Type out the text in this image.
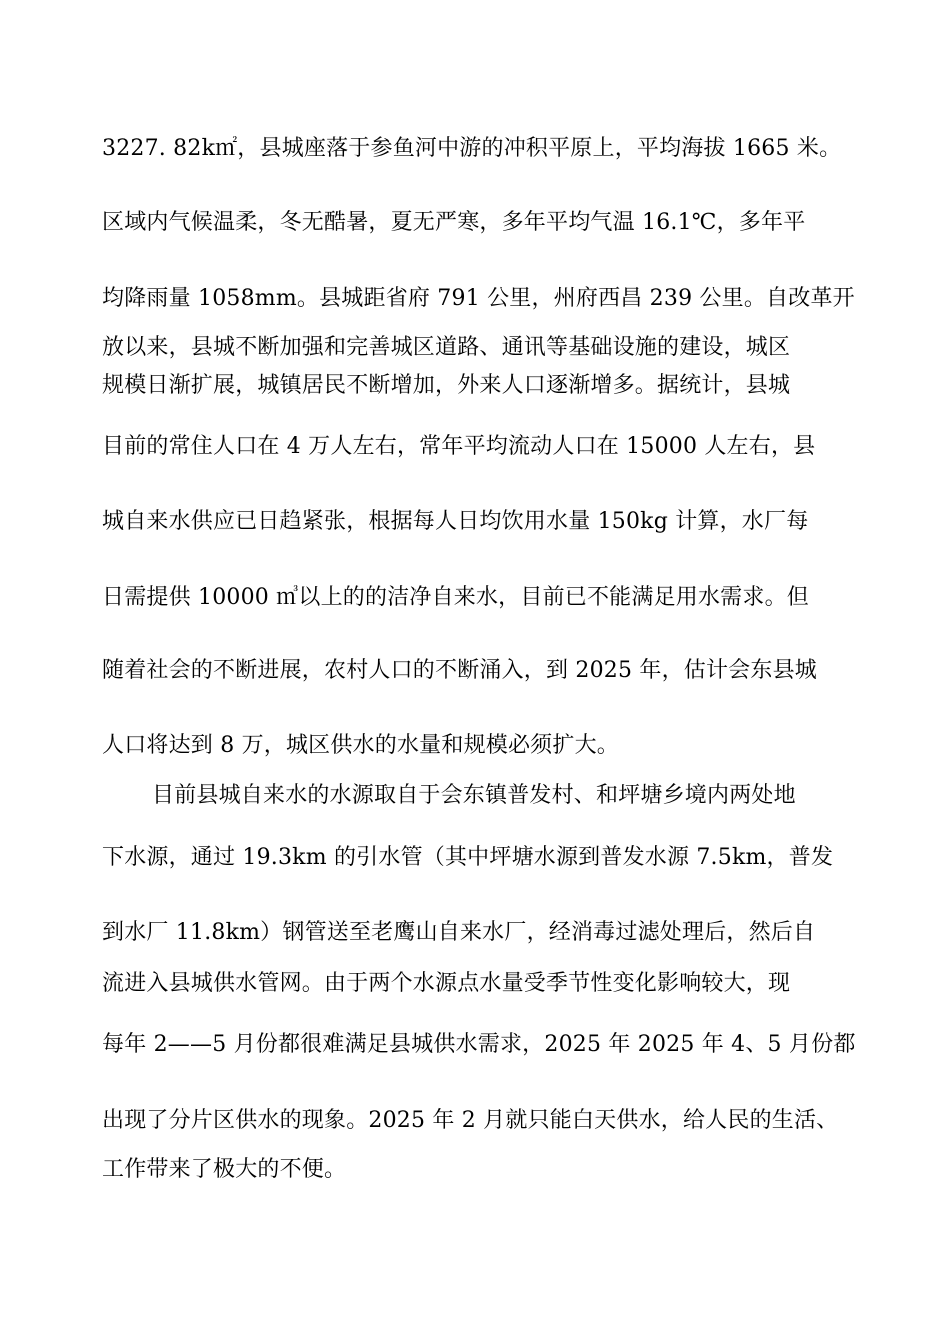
3227. 82k㎡，县城座落于参鱼河中游的冲积平原上，平均海拔 1665 米。
区域内气候温柔，冬无酷暑，夏无严寒，多年平均气温 16.1℃，多年平
均降雨量 1058mm。县城距省府 791 公里，州府西昌 239 公里。自改革开
放以来，县城不断加强和完善城区道路、通讯等基础设施的建设，城区
规模日渐扩展，城镇居民不断增加，外来人口逐渐增多。据统计，县城
目前的常住人口在 4 万人左右，常年平均流动人口在 15000 人左右，县
城自来水供应已日趋紧张，根据每人日均饮用水量 150kg 计算，水厂每
日需提供 10000 ㎥以上的的洁净自来水，目前已不能满足用水需求。但
随着社会的不断进展，农村人口的不断涌入，到 2025 年，估计会东县城
人口将达到 8 万，城区供水的水量和规模必须扩大。
目前县城自来水的水源取自于会东镇普发村、和坪塘乡境内两处地
下水源，通过 19.3km 的引水管（其中坪塘水源到普发水源 7.5km，普发
到水厂 11.8km）钢管送至老鹰山自来水厂，经消毒过滤处理后，然后自
流进入县城供水管网。由于两个水源点水量受季节性变化影响较大，现
每年 2——5 月份都很难满足县城供水需求，2025 年 2025 年 4、5 月份都
出现了分片区供水的现象。2025 年 2 月就只能白天供水，给人民的生活、
工作带来了极大的不便。
